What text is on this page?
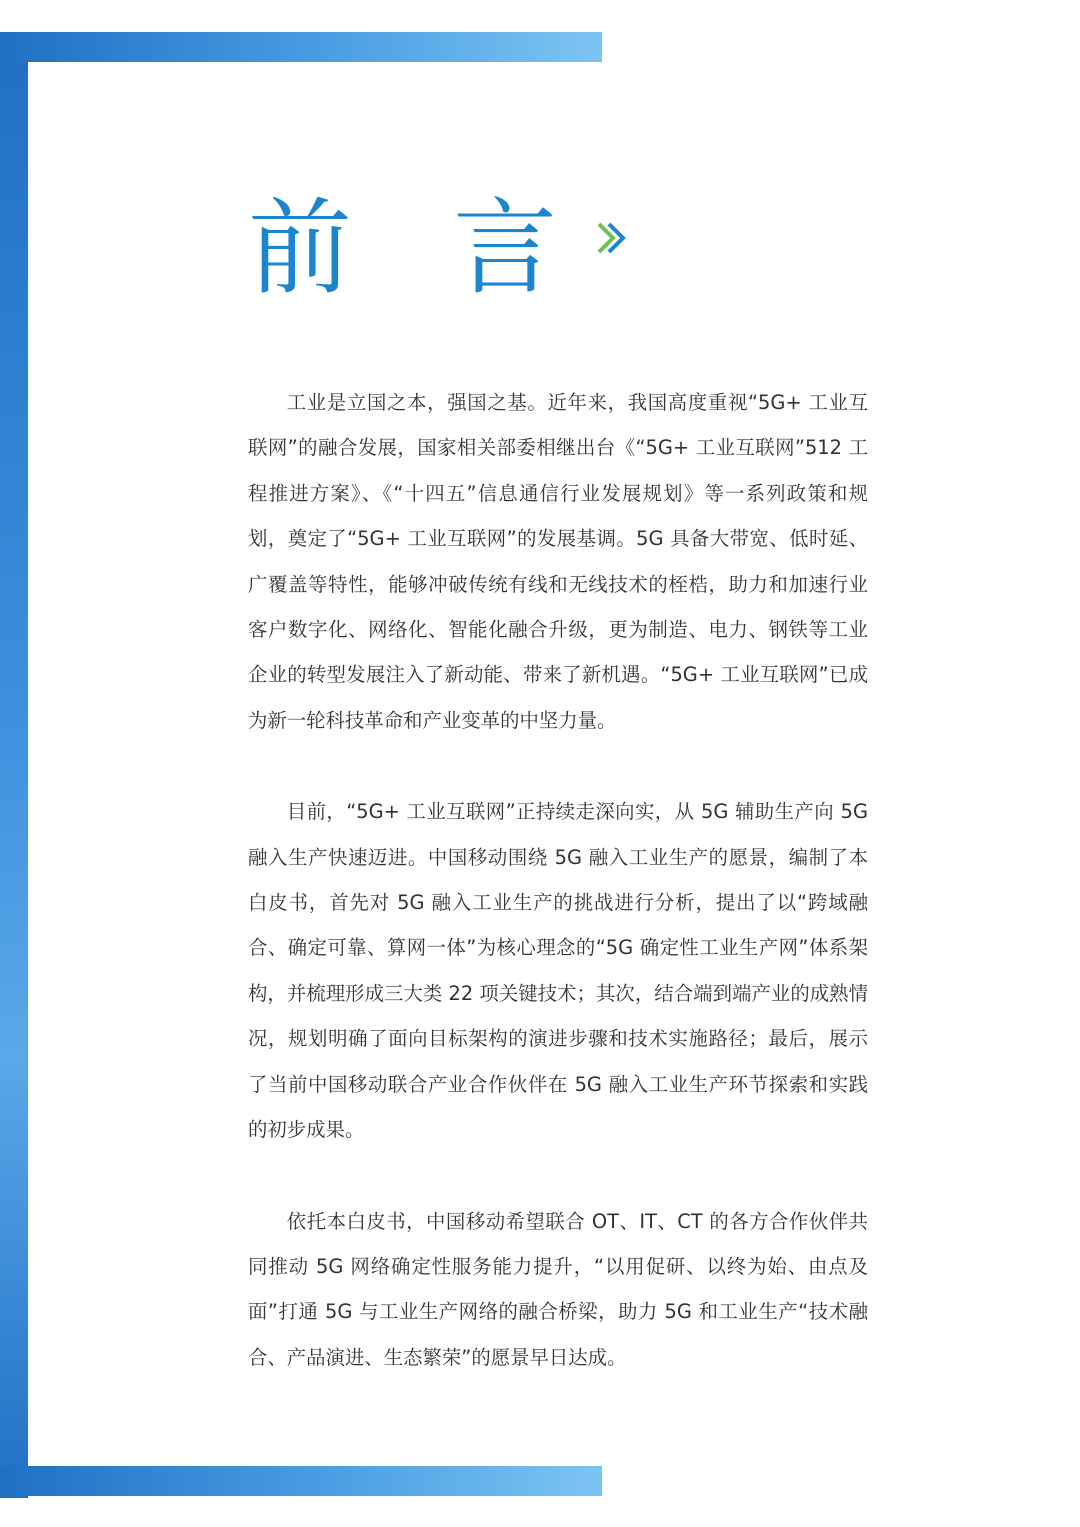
前 言

工业是立国之本，强国之基。近年来，我国高度重视“5G+ 工业互联网”的融合发展，国家相关部委相继出台《“5G+ 工业互联网”512 工程推进方案》、《“十四五”信息通信行业发展规划》等一系列政策和规划，奠定了“5G+ 工业互联网”的发展基调。5G 具备大带宽、低时延、广覆盖等特性，能够冲破传统有线和无线技术的桎梏，助力和加速行业客户数字化、网络化、智能化融合升级，更为制造、电力、钢铁等工业企业的转型发展注入了新动能、带来了新机遇。“5G+ 工业互联网”已成为新一轮科技革命和产业变革的中坚力量。

目前，“5G+ 工业互联网”正持续走深向实，从 5G 辅助生产向 5G 融入生产快速迈进。中国移动围绕 5G 融入工业生产的愿景，编制了本白皮书，首先对 5G 融入工业生产的挑战进行分析，提出了以“跨域融合、确定可靠、算网一体”为核心理念的“5G 确定性工业生产网”体系架构，并梳理形成三大类 22 项关键技术；其次，结合端到端产业的成熟情况，规划明确了面向目标架构的演进步骤和技术实施路径；最后，展示了当前中国移动联合产业合作伙伴在 5G 融入工业生产环节探索和实践的初步成果。

依托本白皮书，中国移动希望联合 OT、IT、CT 的各方合作伙伴共同推动 5G 网络确定性服务能力提升，“以用促研、以终为始、由点及面”打通 5G 与工业生产网络的融合桥梁，助力 5G 和工业生产“技术融合、产品演进、生态繁荣”的愿景早日达成。
